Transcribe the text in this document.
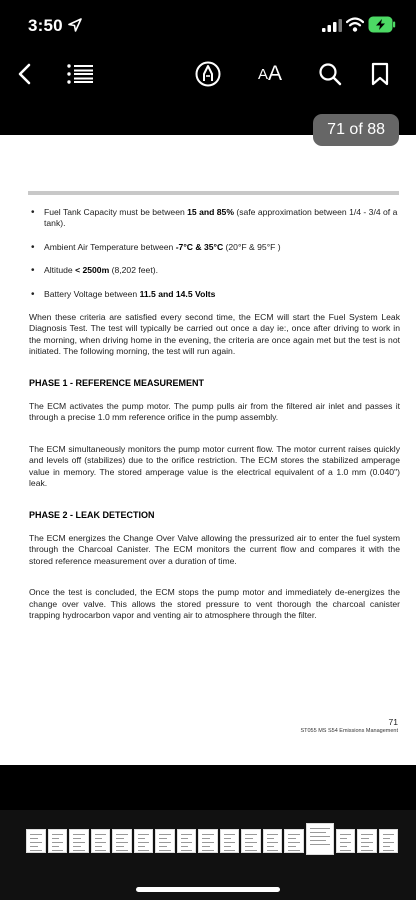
3:50
A A
• Fuel Tank Capacity must be between 15 and 85% (safe approximation between 1/4 - 3/4 of a tank).
• Ambient Air Temperature between -7°C & 35°C (20°F & 95°F )
• Altitude < 2500m (8,202 feet).
• Battery Voltage between 11.5 and 14.5 Volts

When these criteria are satisfied every second time, the ECM will start the Fuel System Leak Diagnosis Test. The test will typically be carried out once a day ie:, once after driving to work in the morning, when driving home in the evening, the criteria are once again met but the test is not initiated. The following morning, the test will run again.

PHASE 1 - REFERENCE MEASUREMENT

The ECM activates the pump motor. The pump pulls air from the filtered air inlet and passes it through a precise 1.0 mm reference orifice in the pump assembly.

The ECM simultaneously monitors the pump motor current flow. The motor current raises quickly and levels off (stabilizes) due to the orifice restriction. The ECM stores the stabilized amperage value in memory. The stored amperage value is the electrical equivalent of a 1.0 mm (0.040") leak.

PHASE 2 - LEAK DETECTION

The ECM energizes the Change Over Valve allowing the pressurized air to enter the fuel system through the Charcoal Canister. The ECM monitors the current flow and compares it with the stored reference measurement over a duration of time.

Once the test is concluded, the ECM stops the pump motor and immediately de-energizes the change over valve. This allows the stored pressure to vent thorough the charcoal canister trapping hydrocarbon vapor and venting air to atmosphere through the filter.

71
ST055 MS S54 Emissions Management
71 of 88
